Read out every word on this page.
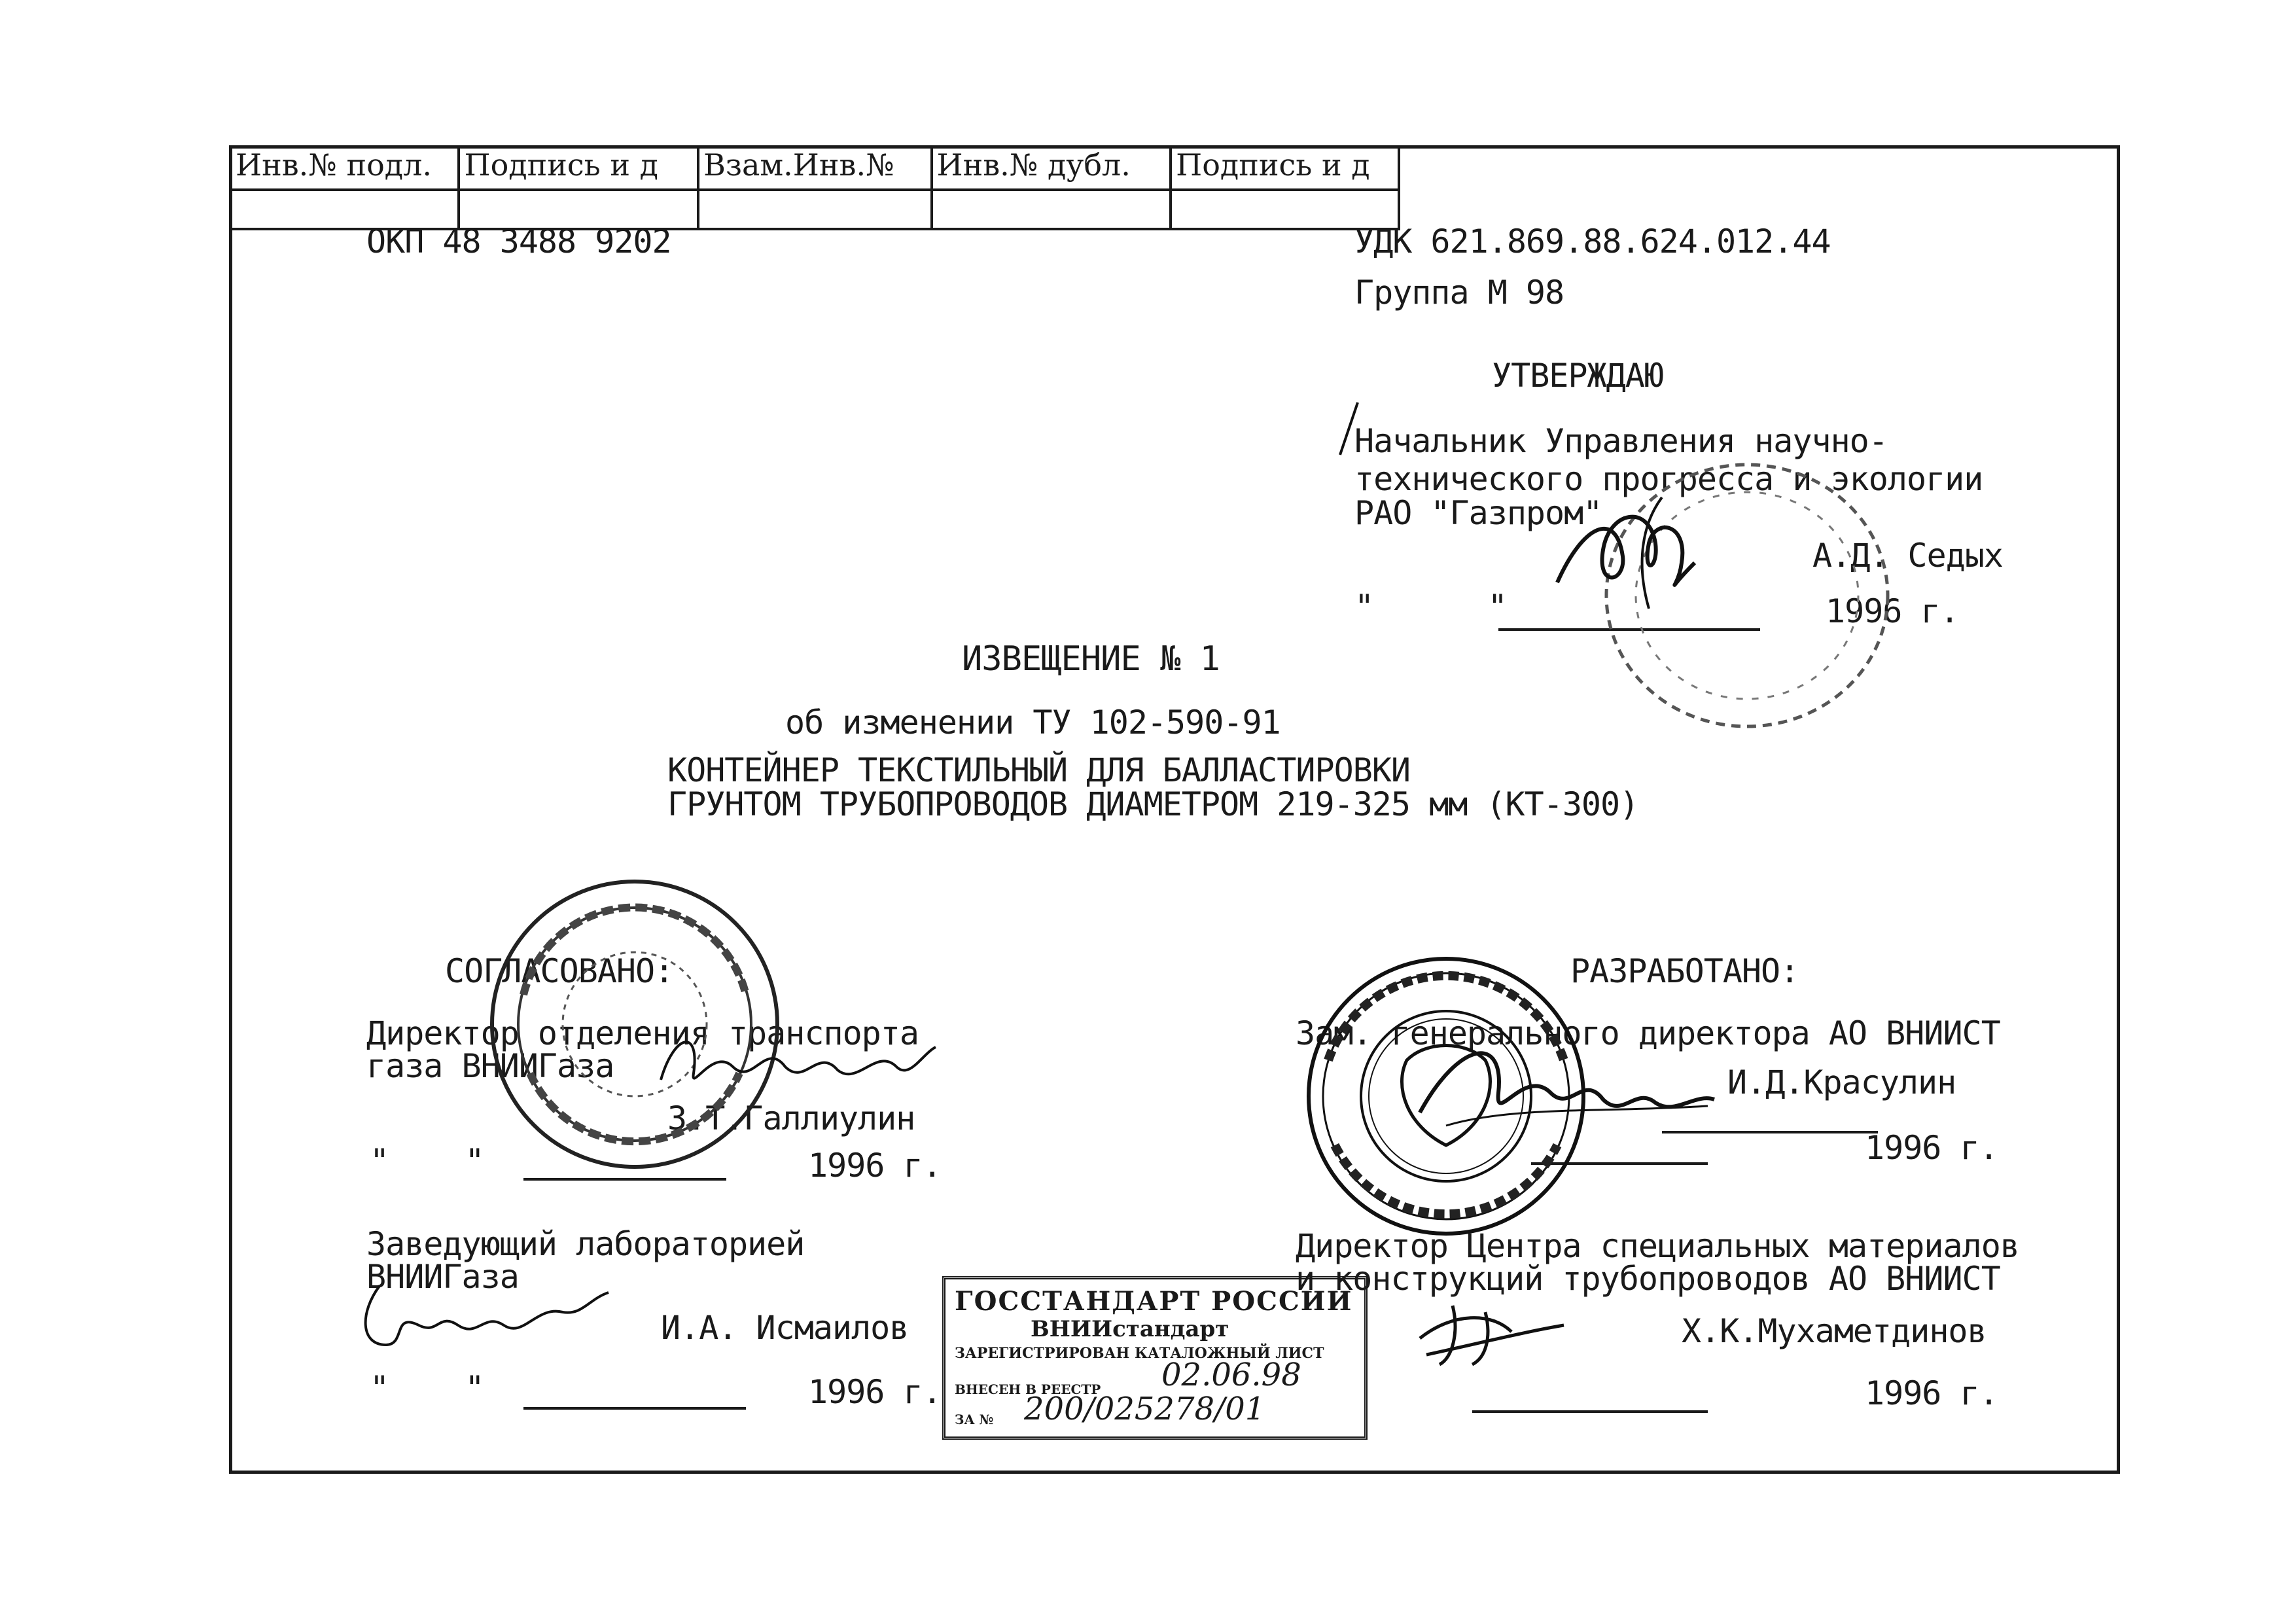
Инв.№ подл.	Подпись и д	Взам.Инв.№	Инв.№ дубл.	Подпись и д

ОКП 48 3488 9202	УДК 621.869.88.624.012.44
Группа М 98
УТВЕРЖДАЮ
Начальник Управления научно-
технического прогресса и экологии
РАО "Газпром"
А.Д. Седых
"      "	1996 г.
ИЗВЕЩЕНИЕ № 1
об изменении ТУ 102-590-91
КОНТЕЙНЕР ТЕКСТИЛЬНЫЙ ДЛЯ БАЛЛАСТИРОВКИ
ГРУНТОМ ТРУБОПРОВОДОВ ДИАМЕТРОМ 219-325 мм (КТ-300)
СОГЛАСОВАНО:
Директор отделения транспорта
газа ВНИИГаза
З.Т.Галлиулин
"    "	1996 г.
Заведующий лабораторией
ВНИИГаза
И.А. Исмаилов
"    "	1996 г.
РАЗРАБОТАНО:
Зам. генерального директора АО ВНИИСТ
И.Д.Красулин
1996 г.
Директор Центра специальных материалов
и конструкций трубопроводов АО ВНИИСТ
Х.К.Мухаметдинов
1996 г.
ГОССТАНДАРТ РОССИИ
ВНИИстандарт
ЗАРЕГИСТРИРОВАН КАТАЛОЖНЫЙ ЛИСТ
ВНЕСЕН В РЕЕСТР
ЗА №
02.06.98
200/025278/01
